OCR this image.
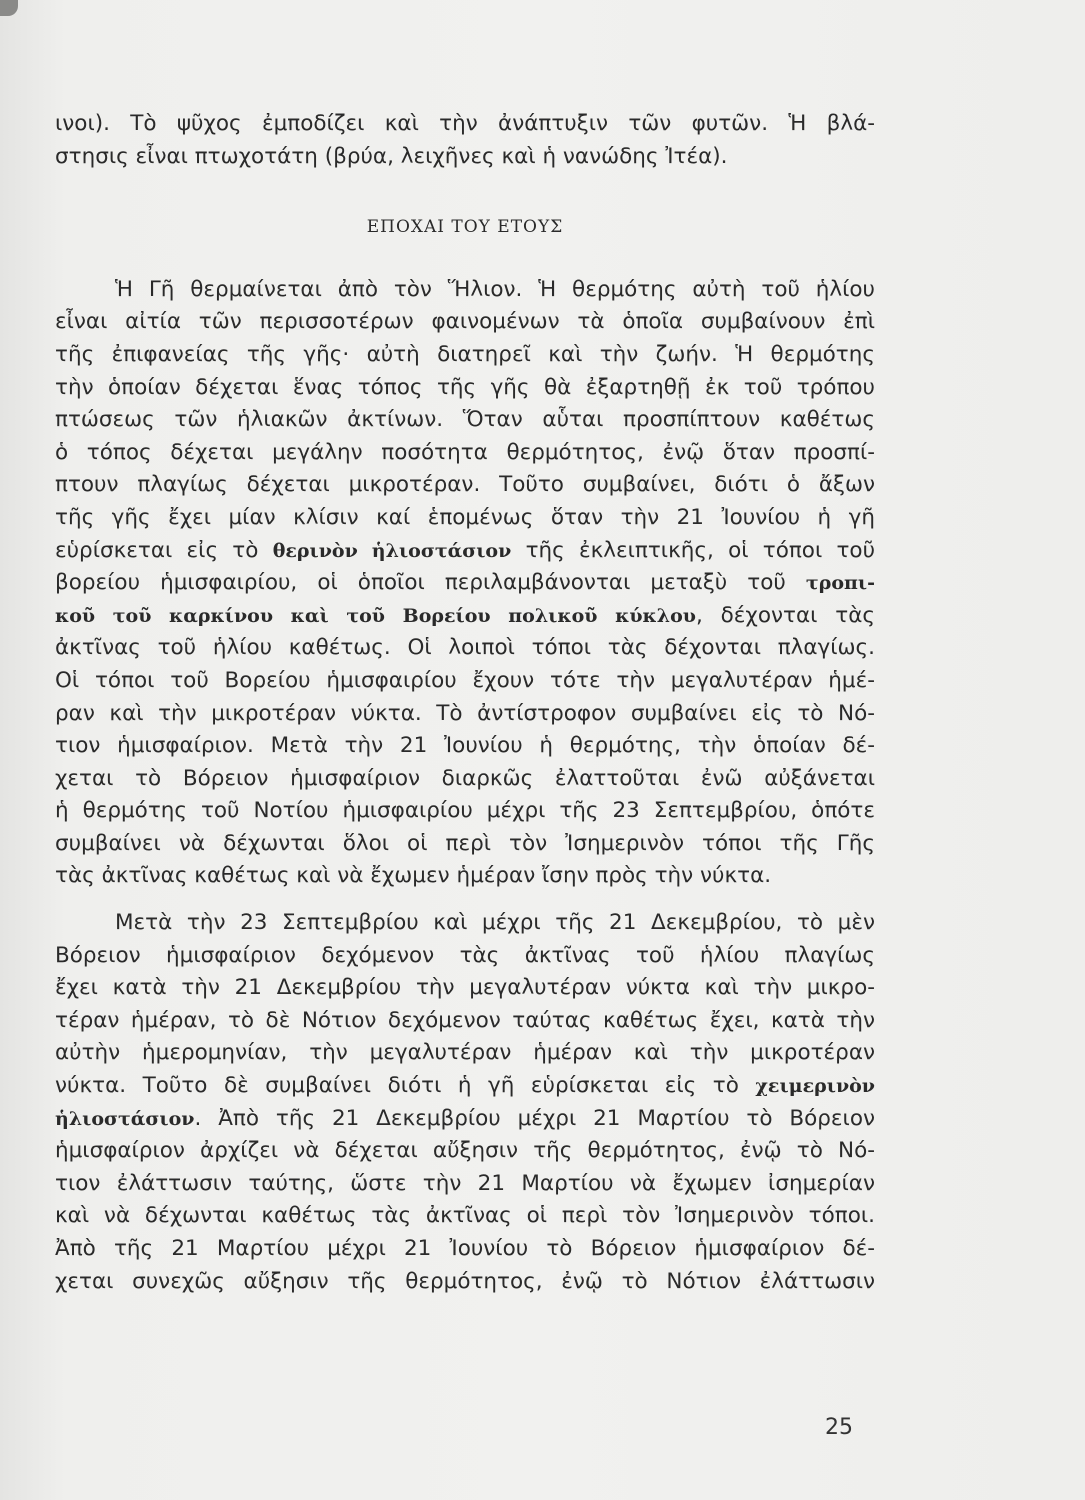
ινοι). Τὸ ψῦχος ἐμποδίζει καὶ τὴν ἀνάπτυξιν τῶν φυτῶν. Ἡ βλά-

στησις εἶναι πτωχοτάτη (βρύα, λειχῆνες καὶ ἡ νανώδης Ἰτέα).

ΕΠΟΧΑΙ ΤΟΥ ΕΤΟΥΣ

Ἡ Γῆ θερμαίνεται ἀπὸ τὸν Ἥλιον. Ἡ θερμότης αὐτὴ τοῦ ἡλίου

εἶναι αἰτία τῶν περισσοτέρων φαινομένων τὰ ὁποῖα συμβαίνουν ἐπὶ

τῆς ἐπιφανείας τῆς γῆς· αὐτὴ διατηρεῖ καὶ τὴν ζωήν. Ἡ θερμότης

τὴν ὁποίαν δέχεται ἕνας τόπος τῆς γῆς θὰ ἐξαρτηθῇ ἐκ τοῦ τρόπου

πτώσεως τῶν ἡλιακῶν ἀκτίνων. Ὅταν αὗται προσπίπτουν καθέτως

ὁ τόπος δέχεται μεγάλην ποσότητα θερμότητος, ἐνῷ ὅταν προσπί-

πτουν πλαγίως δέχεται μικροτέραν. Τοῦτο συμβαίνει, διότι ὁ ἄξων

τῆς γῆς ἔχει μίαν κλίσιν καί ἑπομένως ὅταν τὴν 21 Ἰουνίου ἡ γῆ

εὑρίσκεται εἰς τὸ θερινὸν ἡλιοστάσιον τῆς ἐκλειπτικῆς, οἱ τόποι τοῦ

βορείου ἡμισφαιρίου, οἱ ὁποῖοι περιλαμβάνονται μεταξὺ τοῦ τροπι-

κοῦ τοῦ καρκίνου καὶ τοῦ Βορείου πολικοῦ κύκλου, δέχονται τὰς

ἀκτῖνας τοῦ ἡλίου καθέτως. Οἱ λοιποὶ τόποι τὰς δέχονται πλαγίως.

Οἱ τόποι τοῦ Βορείου ἡμισφαιρίου ἔχουν τότε τὴν μεγαλυτέραν ἡμέ-

ραν καὶ τὴν μικροτέραν νύκτα. Τὸ ἀντίστροφον συμβαίνει εἰς τὸ Νό-

τιον ἡμισφαίριον. Μετὰ τὴν 21 Ἰουνίου ἡ θερμότης, τὴν ὁποίαν δέ-

χεται τὸ Βόρειον ἡμισφαίριον διαρκῶς ἐλαττοῦται ἐνῶ αὐξάνεται

ἡ θερμότης τοῦ Νοτίου ἡμισφαιρίου μέχρι τῆς 23 Σεπτεμβρίου, ὁπότε

συμβαίνει νὰ δέχωνται ὅλοι οἱ περὶ τὸν Ἰσημερινὸν τόποι τῆς Γῆς

τὰς ἀκτῖνας καθέτως καὶ νὰ ἔχωμεν ἡμέραν ἴσην πρὸς τὴν νύκτα.

Μετὰ τὴν 23 Σεπτεμβρίου καὶ μέχρι τῆς 21 Δεκεμβρίου, τὸ μὲν

Βόρειον ἡμισφαίριον δεχόμενον τὰς ἀκτῖνας τοῦ ἡλίου πλαγίως

ἔχει κατὰ τὴν 21 Δεκεμβρίου τὴν μεγαλυτέραν νύκτα καὶ τὴν μικρο-

τέραν ἡμέραν, τὸ δὲ Νότιον δεχόμενον ταύτας καθέτως ἔχει, κατὰ τὴν

αὐτὴν ἡμερομηνίαν, τὴν μεγαλυτέραν ἡμέραν καὶ τὴν μικροτέραν

νύκτα. Τοῦτο δὲ συμβαίνει διότι ἡ γῆ εὑρίσκεται εἰς τὸ χειμερινὸν

ἡλιοστάσιον. Ἀπὸ τῆς 21 Δεκεμβρίου μέχρι 21 Μαρτίου τὸ Βόρειον

ἡμισφαίριον ἀρχίζει νὰ δέχεται αὔξησιν τῆς θερμότητος, ἐνῷ τὸ Νό-

τιον ἐλάττωσιν ταύτης, ὥστε τὴν 21 Μαρτίου νὰ ἔχωμεν ἰσημερίαν

καὶ νὰ δέχωνται καθέτως τὰς ἀκτῖνας οἱ περὶ τὸν Ἰσημερινὸν τόποι.

Ἀπὸ τῆς 21 Μαρτίου μέχρι 21 Ἰουνίου τὸ Βόρειον ἡμισφαίριον δέ-

χεται συνεχῶς αὔξησιν τῆς θερμότητος, ἐνῷ τὸ Νότιον ἐλάττωσιν

25
